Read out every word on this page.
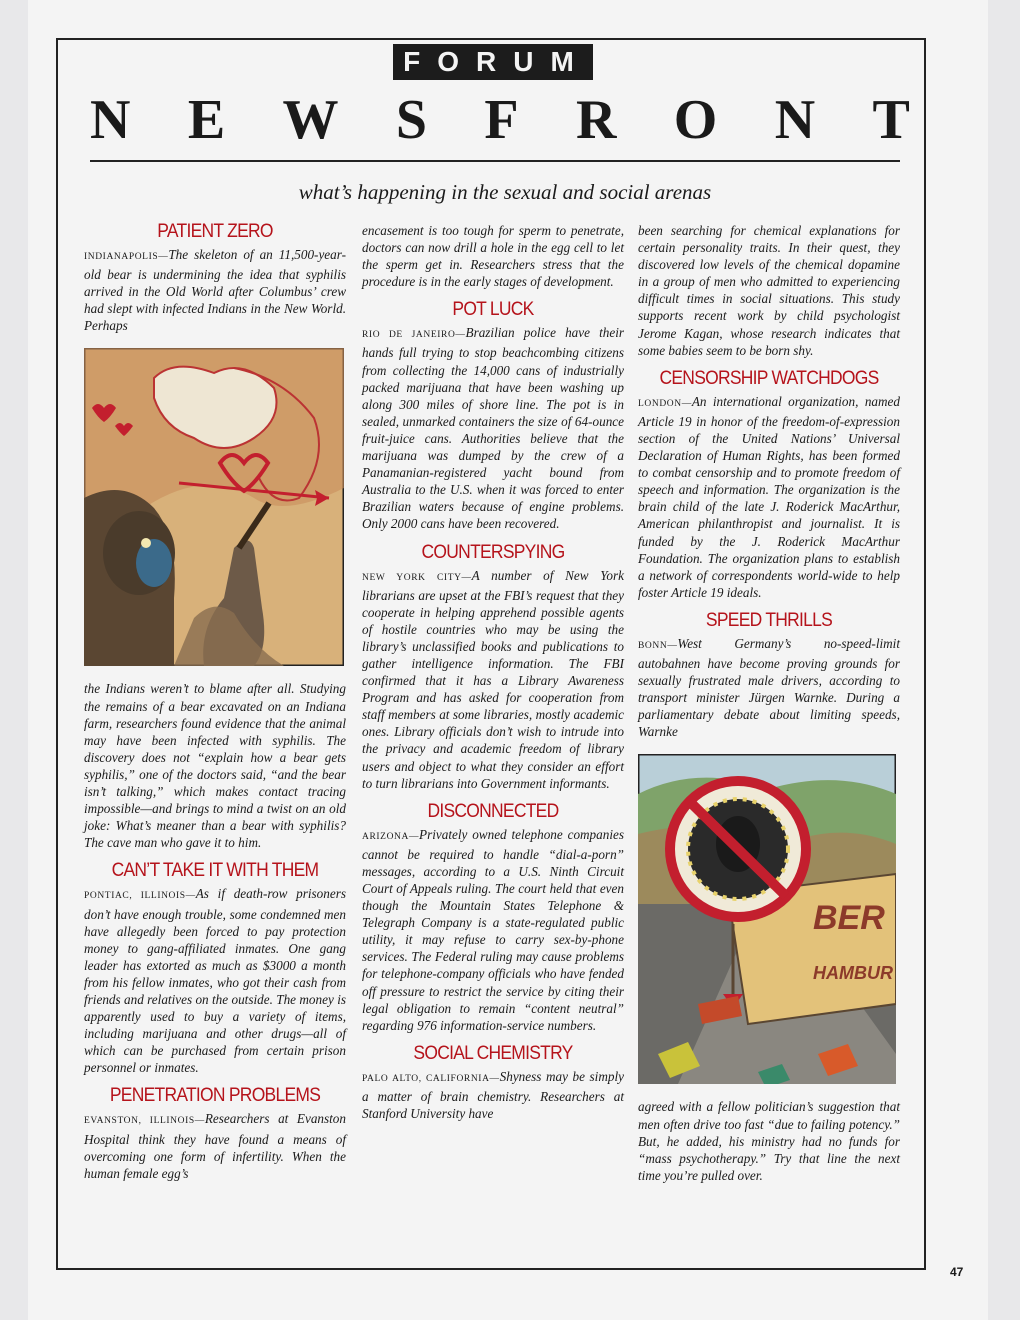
FORUM
N E W S F R O N T
what’s happening in the sexual and social arenas
PATIENT ZERO

INDIANAPOLIS—The skeleton of an 11,500-year-old bear is undermining the idea that syphilis arrived in the Old World after Columbus’ crew had slept with infected Indians in the New World. Perhaps

the Indians weren’t to blame after all. Studying the remains of a bear excavated on an Indiana farm, researchers found evidence that the animal may have been infected with syphilis. The discovery does not “explain how a bear gets syphilis,” one of the doctors said, “and the bear isn’t talking,” which makes contact tracing impossible—and brings to mind a twist on an old joke: What’s meaner than a bear with syphilis? The cave man who gave it to him.

CAN’T TAKE IT WITH THEM

PONTIAC, ILLINOIS—As if death-row prisoners don’t have enough trouble, some condemned men have allegedly been forced to pay protection money to gang-affiliated inmates. One gang leader has extorted as much as $3000 a month from his fellow inmates, who got their cash from friends and relatives on the outside. The money is apparently used to buy a variety of items, including marijuana and other drugs—all of which can be purchased from certain prison personnel or inmates.

PENETRATION PROBLEMS

EVANSTON, ILLINOIS—Researchers at Evanston Hospital think they have found a means of overcoming one form of infertility. When the human female egg’s

encasement is too tough for sperm to penetrate, doctors can now drill a hole in the egg cell to let the sperm get in. Researchers stress that the procedure is in the early stages of development.

POT LUCK

RIO DE JANEIRO—Brazilian police have their hands full trying to stop beachcombing citizens from collecting the 14,000 cans of industrially packed marijuana that have been washing up along 300 miles of shore line. The pot is in sealed, unmarked containers the size of 64-ounce fruit-juice cans. Authorities believe that the marijuana was dumped by the crew of a Panamanian-registered yacht bound from Australia to the U.S. when it was forced to enter Brazilian waters because of engine problems. Only 2000 cans have been recovered.

COUNTERSPYING

NEW YORK CITY—A number of New York librarians are upset at the FBI’s request that they cooperate in helping apprehend possible agents of hostile countries who may be using the library’s unclassified books and publications to gather intelligence information. The FBI confirmed that it has a Library Awareness Program and has asked for cooperation from staff members at some libraries, mostly academic ones. Library officials don’t wish to intrude into the privacy and academic freedom of library users and object to what they consider an effort to turn librarians into Government informants.

DISCONNECTED

ARIZONA—Privately owned telephone companies cannot be required to handle “dial-a-porn” messages, according to a U.S. Ninth Circuit Court of Appeals ruling. The court held that even though the Mountain States Telephone & Telegraph Company is a state-regulated public utility, it may refuse to carry sex-by-phone services. The Federal ruling may cause problems for telephone-company officials who have fended off pressure to restrict the service by citing their legal obligation to remain “content neutral” regarding 976 information-service numbers.

SOCIAL CHEMISTRY

PALO ALTO, CALIFORNIA—Shyness may be simply a matter of brain chemistry. Researchers at Stanford University have

been searching for chemical explanations for certain personality traits. In their quest, they discovered low levels of the chemical dopamine in a group of men who admitted to experiencing difficult times in social situations. This study supports recent work by child psychologist Jerome Kagan, whose research indicates that some babies seem to be born shy.

CENSORSHIP WATCHDOGS

LONDON—An international organization, named Article 19 in honor of the freedom-of-expression section of the United Nations’ Universal Declaration of Human Rights, has been formed to combat censorship and to promote freedom of speech and information. The organization is the brain child of the late J. Roderick MacArthur, American philanthropist and journalist. It is funded by the J. Roderick MacArthur Foundation. The organization plans to establish a network of correspondents world-wide to help foster Article 19 ideals.

SPEED THRILLS

BONN—West Germany’s no-speed-limit autobahnen have become proving grounds for sexually frustrated male drivers, according to transport minister Jürgen Warnke. During a parliamentary debate about limiting speeds, Warnke

BER
HAMBUR

agreed with a fellow politician’s suggestion that men often drive too fast “due to failing potency.” But, he added, his ministry had no funds for “mass psychotherapy.” Try that line the next time you’re pulled over.

47
